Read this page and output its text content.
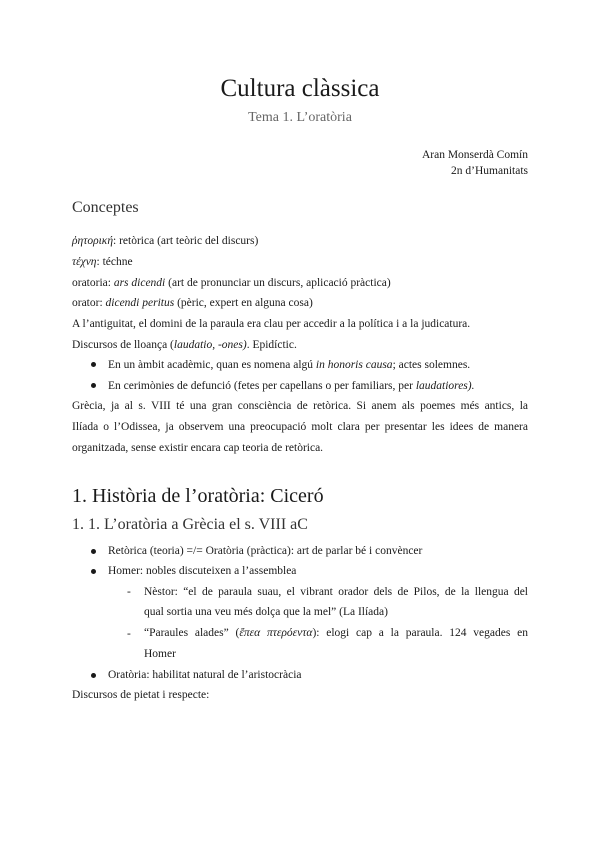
Cultura clàssica
Tema 1. L’oratòria
Aran Monserdà Comín
2n d’Humanitats
Conceptes
ῥητορική: retòrica (art teòric del discurs)
τέχνη: téchne
oratoria: ars dicendi (art de pronunciar un discurs, aplicació pràctica)
orator: dicendi peritus (pèric, expert en alguna cosa)
A l’antiguitat, el domini de la paraula era clau per accedir a la política i a la judicatura.
Discursos de lloança (laudatio, -ones). Epidíctic.
En un àmbit acadèmic, quan es nomena algú in honoris causa; actes solemnes.
En cerimònies de defunció (fetes per capellans o per familiars, per laudatiores).
Grècia, ja al s. VIII té una gran consciència de retòrica. Si anem als poemes més antics, la
Ilíada o l’Odissea, ja observem una preocupació molt clara per presentar les idees de manera
organitzada, sense existir encara cap teoria de retòrica.
1. Història de l’oratòria: Ciceró
1. 1. L’oratòria a Grècia el s. VIII aC
Retòrica (teoria) =/= Oratòria (pràctica): art de parlar bé i convèncer
Homer: nobles discuteixen a l’assemblea
- Nèstor: “el de paraula suau, el vibrant orador dels de Pilos, de la llengua del
qual sortia una veu més dolça que la mel” (La Ilíada)
- “Paraules alades” (ἔπεα πτερόεντα): elogi cap a la paraula. 124 vegades en
Homer
Oratòria: habilitat natural de l’aristocràcia
Discursos de pietat i respecte:
